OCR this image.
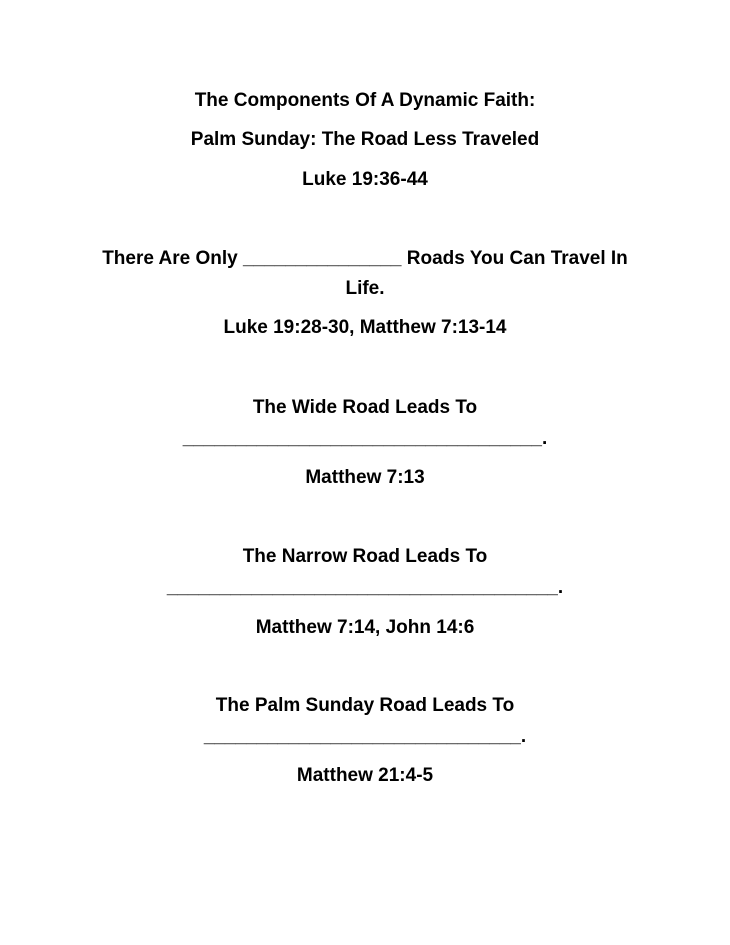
The Components Of A Dynamic Faith:
Palm Sunday: The Road Less Traveled
Luke 19:36-44
There Are Only _______________ Roads You Can Travel In
Life.
Luke 19:28-30, Matthew 7:13-14
The Wide Road Leads To
__________________________________.
Matthew 7:13
The Narrow Road Leads To
_____________________________________.
Matthew 7:14, John 14:6
The Palm Sunday Road Leads To
______________________________.
Matthew 21:4-5
